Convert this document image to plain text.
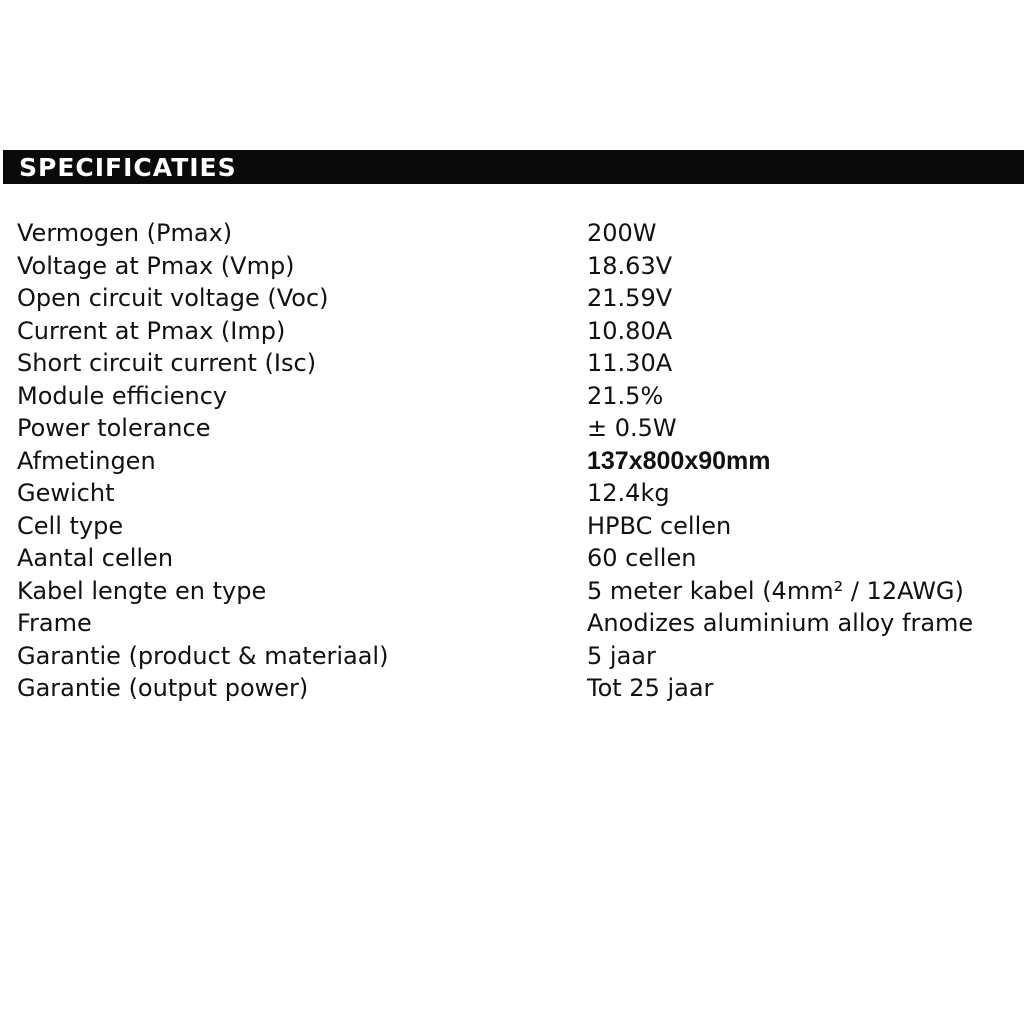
SPECIFICATIES
Vermogen (Pmax)	200W
Voltage at Pmax (Vmp)	18.63V
Open circuit voltage (Voc)	21.59V
Current at Pmax (Imp)	10.80A
Short circuit current (Isc)	11.30A
Module efficiency	21.5%
Power tolerance	± 0.5W
Afmetingen	137x800x90mm
Gewicht	12.4kg
Cell type	HPBC cellen
Aantal cellen	60 cellen
Kabel lengte en type	5 meter kabel (4mm² / 12AWG)
Frame	Anodizes aluminium alloy frame
Garantie (product & materiaal)	5 jaar
Garantie (output power)	Tot 25 jaar
